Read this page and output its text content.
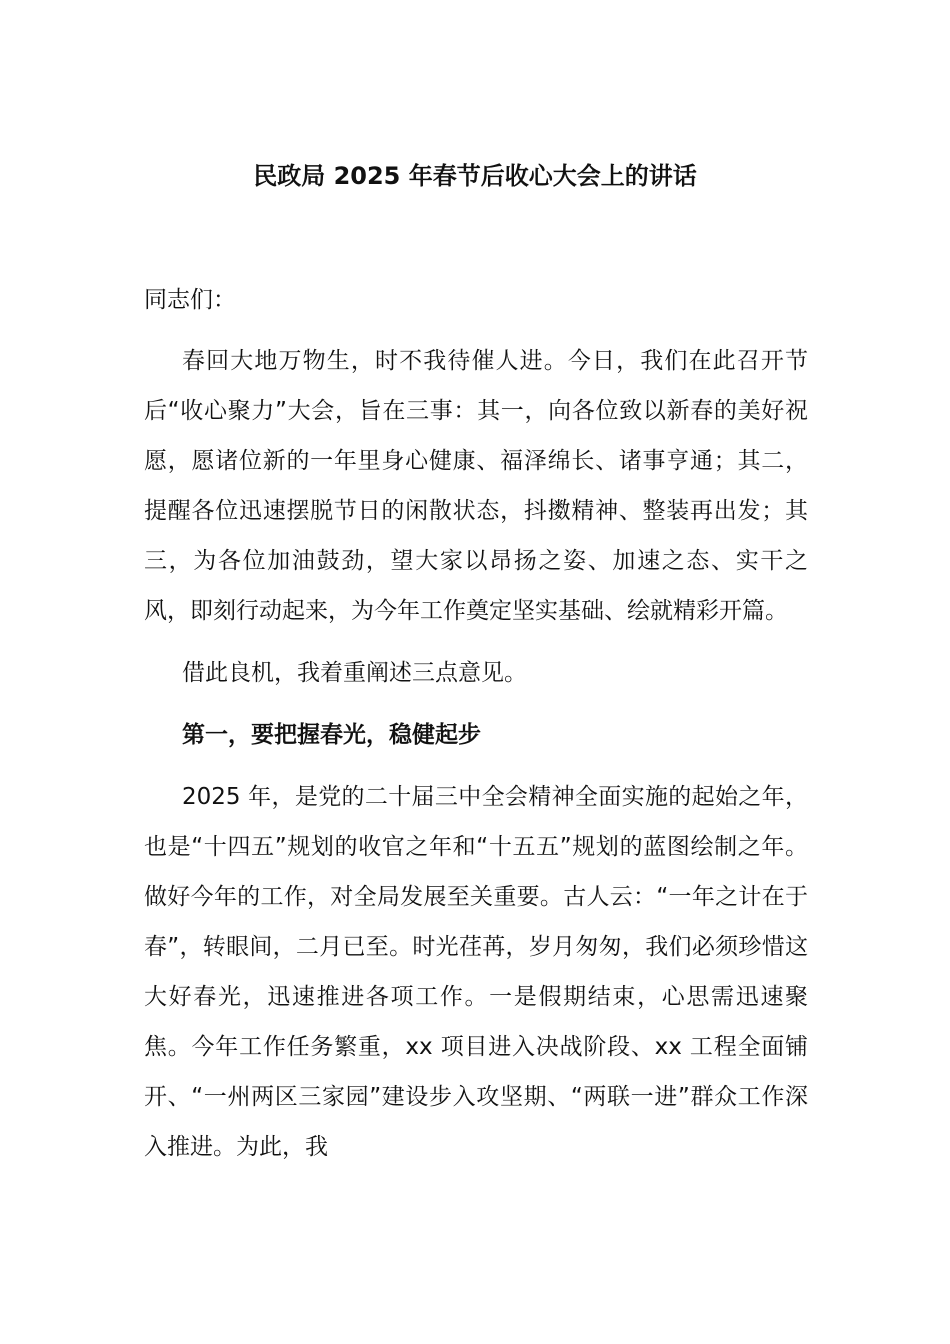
民政局 2025 年春节后收心大会上的讲话

同志们：

春回大地万物生，时不我待催人进。今日，我们在此召开节后“收心聚力”大会，旨在三事：其一，向各位致以新春的美好祝愿，愿诸位新的一年里身心健康、福泽绵长、诸事亨通；其二，提醒各位迅速摆脱节日的闲散状态，抖擞精神、整装再出发；其三，为各位加油鼓劲，望大家以昂扬之姿、加速之态、实干之风，即刻行动起来，为今年工作奠定坚实基础、绘就精彩开篇。

借此良机，我着重阐述三点意见。

第一，要把握春光，稳健起步

2025 年，是党的二十届三中全会精神全面实施的起始之年，也是“十四五”规划的收官之年和“十五五”规划的蓝图绘制之年。做好今年的工作，对全局发展至关重要。古人云：“一年之计在于春”，转眼间，二月已至。时光荏苒，岁月匆匆，我们必须珍惜这大好春光，迅速推进各项工作。一是假期结束，心思需迅速聚焦。今年工作任务繁重，xx 项目进入决战阶段、xx 工程全面铺开、“一州两区三家园”建设步入攻坚期、“两联一进”群众工作深入推进。为此，我
